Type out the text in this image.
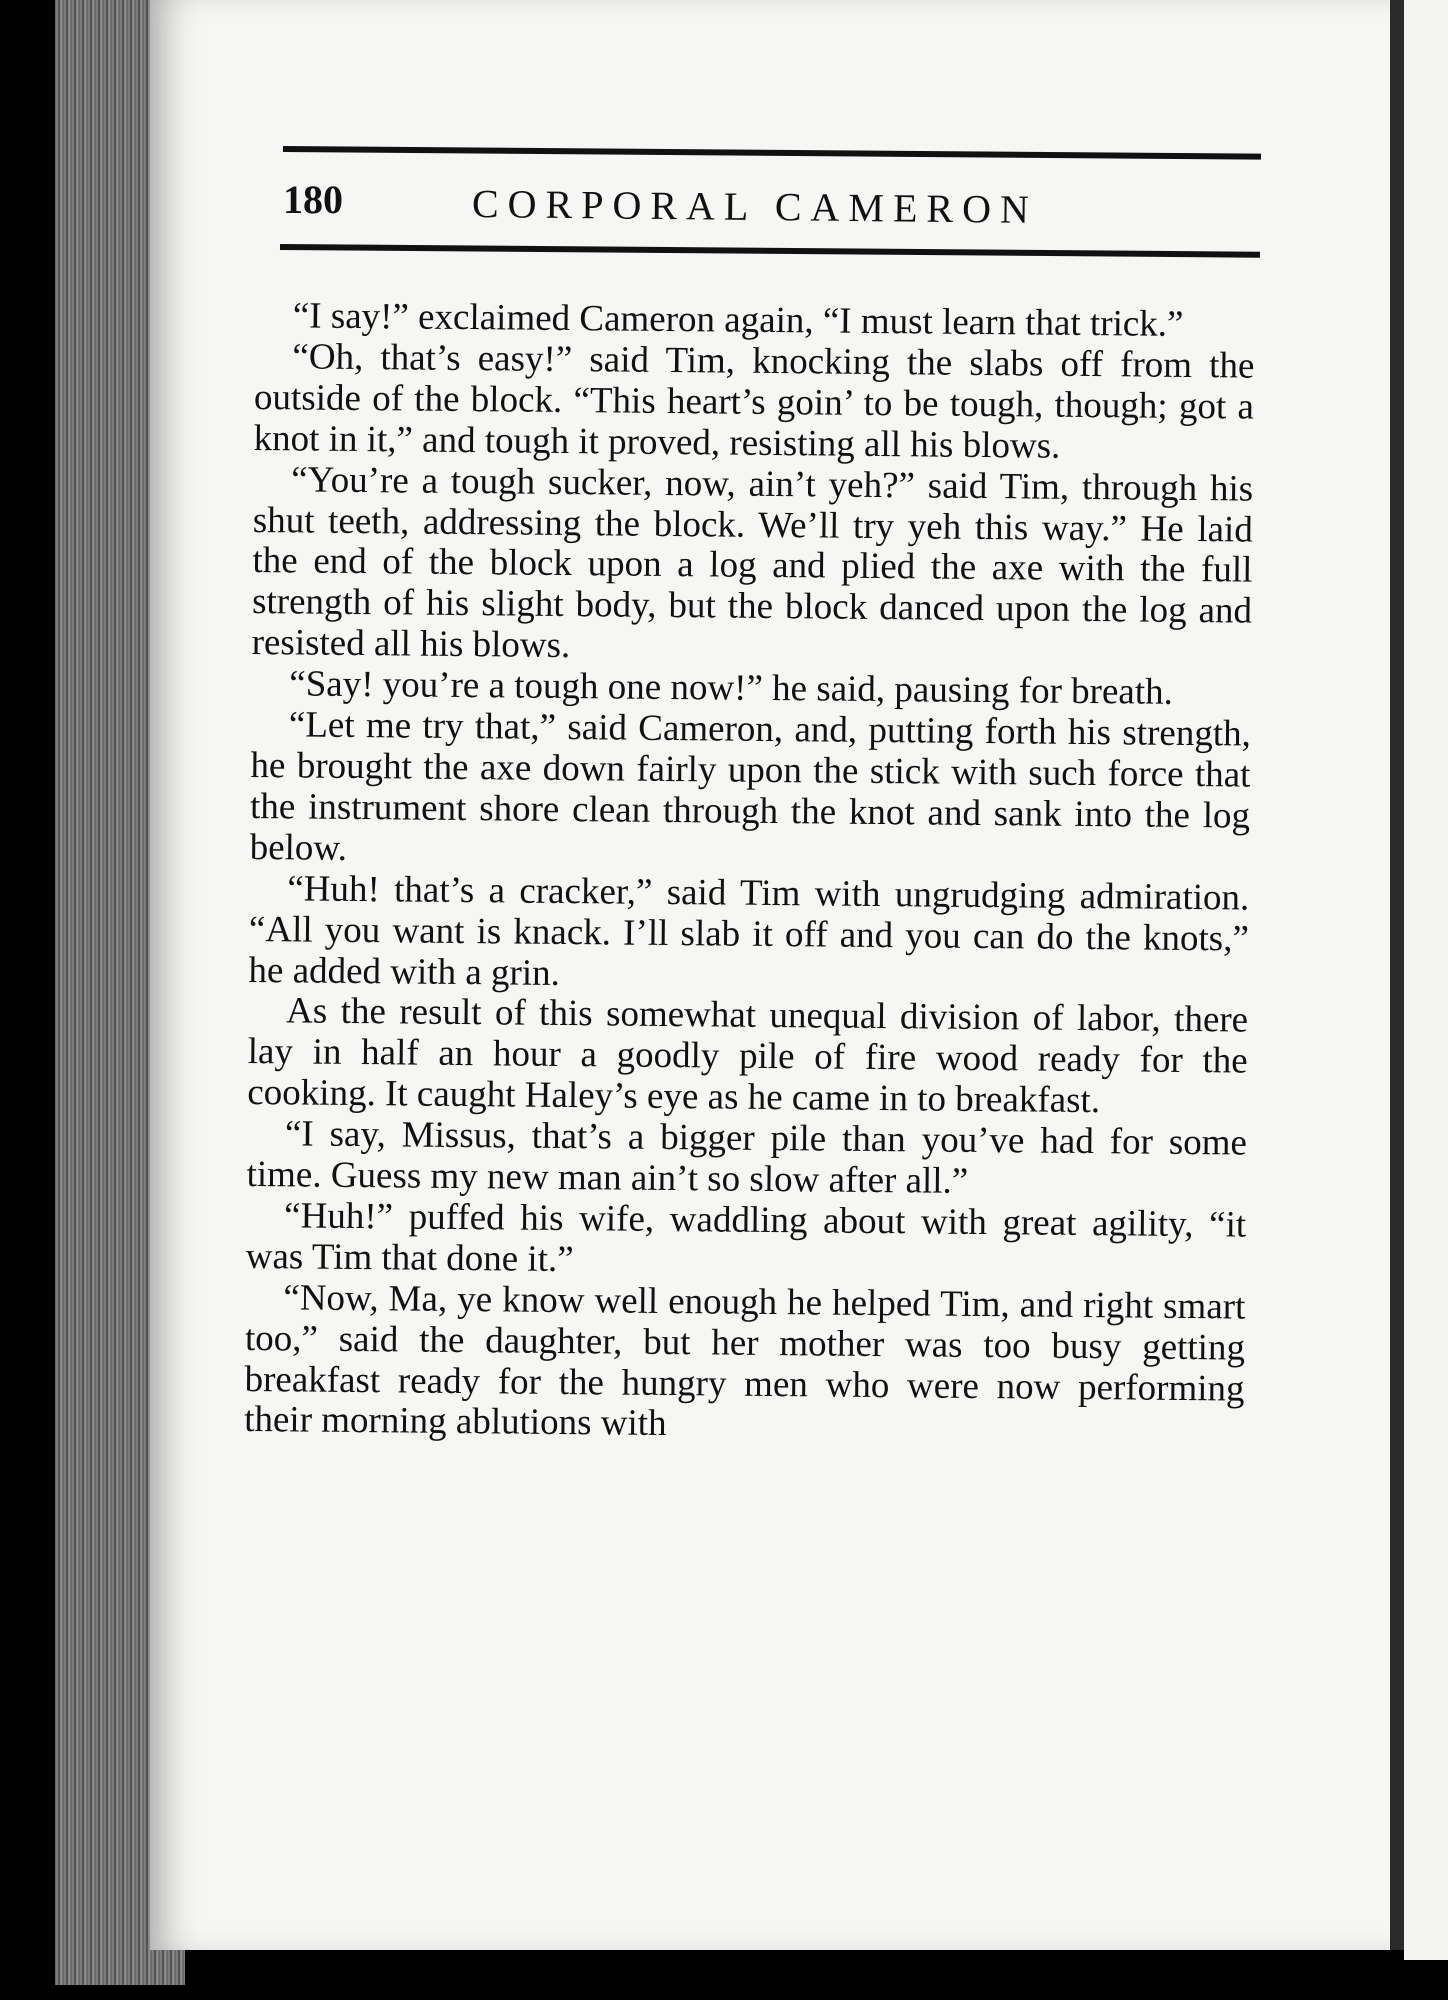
180	CORPORAL CAMERON

“I say!” exclaimed Cameron again, “I must learn that trick.”

“Oh, that’s easy!” said Tim, knocking the slabs off from the outside of the block. “This heart’s goin’ to be tough, though; got a knot in it,” and tough it proved, resisting all his blows.

“You’re a tough sucker, now, ain’t yeh?” said Tim, through his shut teeth, addressing the block. We’ll try yeh this way.” He laid the end of the block upon a log and plied the axe with the full strength of his slight body, but the block danced upon the log and resisted all his blows.

“Say! you’re a tough one now!” he said, pausing for breath.

“Let me try that,” said Cameron, and, putting forth his strength, he brought the axe down fairly upon the stick with such force that the instrument shore clean through the knot and sank into the log below.

“Huh! that’s a cracker,” said Tim with ungrudging admiration. “All you want is knack. I’ll slab it off and you can do the knots,” he added with a grin.

As the result of this somewhat unequal division of labor, there lay in half an hour a goodly pile of fire wood ready for the cooking. It caught Haley’s eye as he came in to breakfast.

“I say, Missus, that’s a bigger pile than you’ve had for some time. Guess my new man ain’t so slow after all.”

“Huh!” puffed his wife, waddling about with great agility, “it was Tim that done it.”

“Now, Ma, ye know well enough he helped Tim, and right smart too,” said the daughter, but her mother was too busy getting breakfast ready for the hungry men who were now performing their morning ablutions with
